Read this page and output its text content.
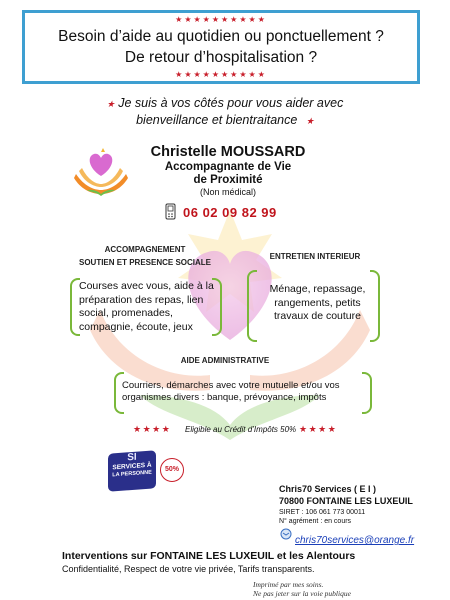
★★★★★★★★★★
Besoin d’aide au quotidien ou ponctuellement ?
De retour d’hospitalisation ?
★★★★★★★★★★
★ Je suis à vos côtés pour vous aider avec
bienveillance et bientraitance   ★
Christelle MOUSSARD
Accompagnante de Vie
de Proximité
(Non médical)
06 02 09 82 99
ACCOMPAGNEMENT
SOUTIEN ET PRESENCE SOCIALE
ENTRETIEN INTERIEUR
Courses avec vous, aide à la préparation des repas, lien social, promenades, compagnie, écoute, jeux
Ménage, repassage, rangements, petits travaux de couture
AIDE ADMINISTRATIVE
Courriers, démarches avec votre mutuelle et/ou vos organismes divers : banque, prévoyance, impôts
★★★★ Eligible au Crédit d’Impôts 50% ★★★★
SI
SERVICES À
LA PERSONNE
50%
Chris70 Services ( E I )
70800 FONTAINE LES LUXEUIL
SIRET : 106 061 773 00011
N° agrément : en cours
chris70services@orange.fr
Interventions sur FONTAINE LES LUXEUIL et les Alentours
Confidentialité, Respect de votre vie privée, Tarifs transparents.
Imprimé par mes soins.
Ne pas jeter sur la voie publique
